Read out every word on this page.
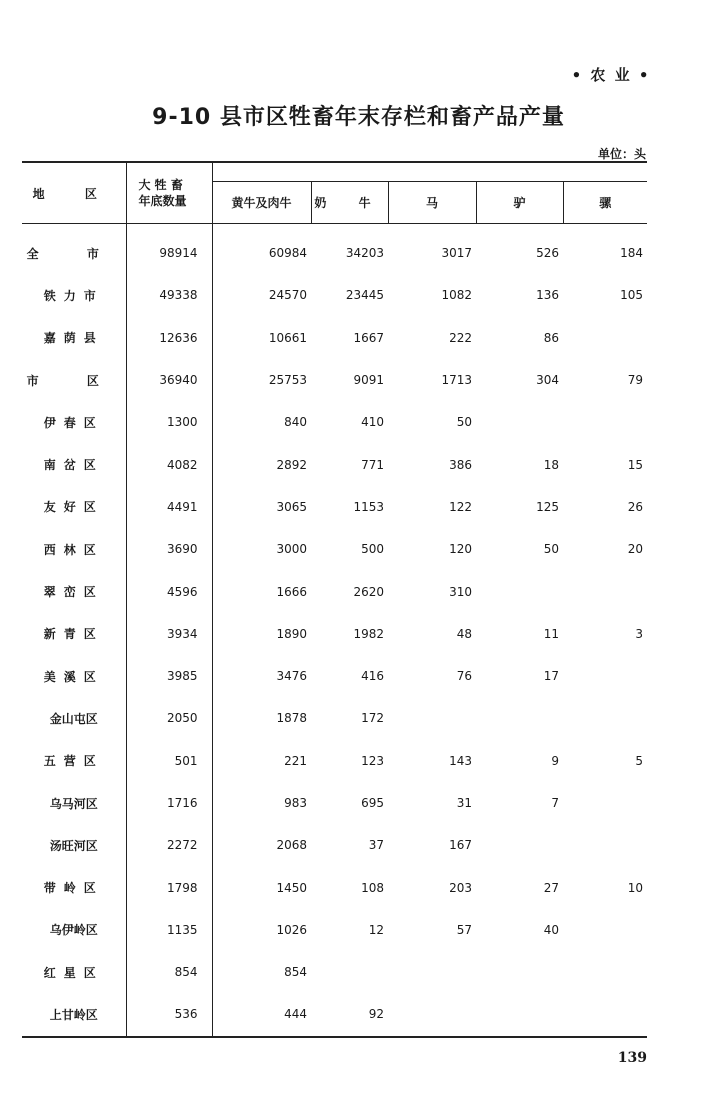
• 农 业 •
9-10 县市区牲畜年末存栏和畜产品产量
单位：头
地 区	大 牲 畜
年底数量					

		黄牛及肉牛	奶 牛	马	驴	骡
全 市	98914	60984	34203	3017	526	184
铁力市	49338	24570	23445	1082	136	105
嘉荫县	12636	10661	1667	222	86	
市 区	36940	25753	9091	1713	304	79
伊春区	1300	840	410	50		
南岔区	4082	2892	771	386	18	15
友好区	4491	3065	1153	122	125	26
西林区	3690	3000	500	120	50	20
翠峦区	4596	1666	2620	310		
新青区	3934	1890	1982	48	11	3
美溪区	3985	3476	416	76	17	
金山屯区	2050	1878	172			
五营区	501	221	123	143	9	5
乌马河区	1716	983	695	31	7	
汤旺河区	2272	2068	37	167		
带岭区	1798	1450	108	203	27	10
乌伊岭区	1135	1026	12	57	40	
红星区	854	854				
上甘岭区	536	444	92			
139
